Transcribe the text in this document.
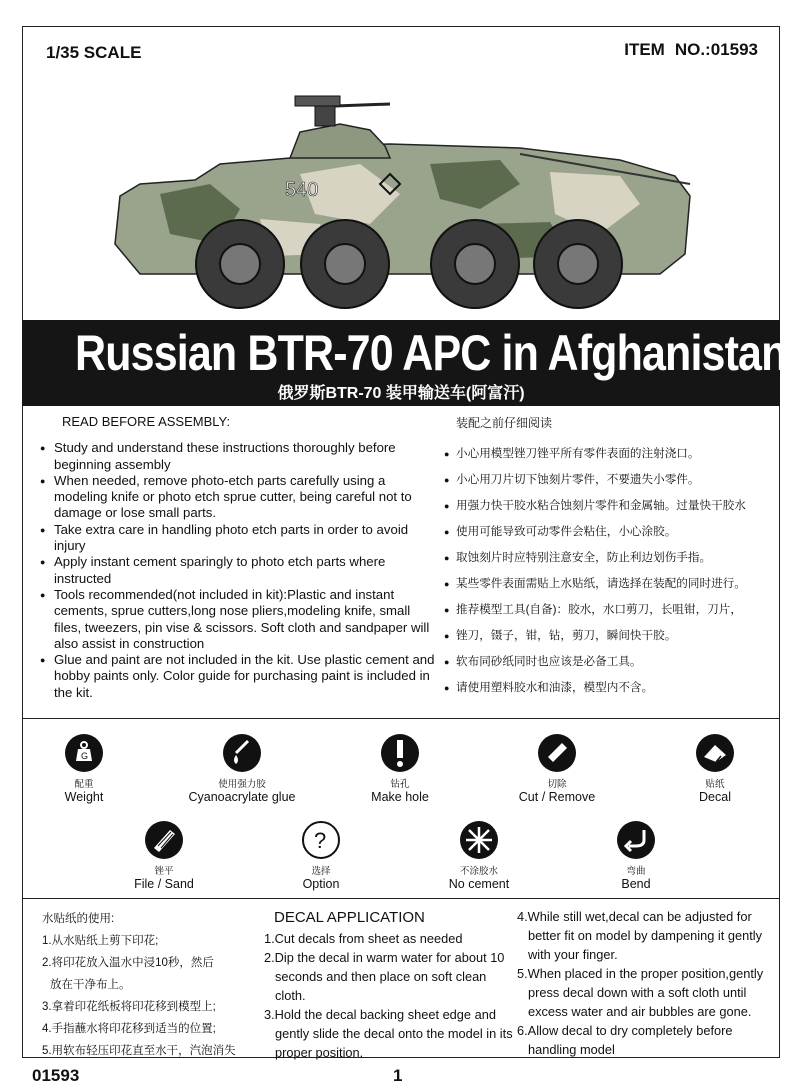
1/35 SCALE	ITEM NO.:01593
540
Russian BTR-70 APC in Afghanistan
俄罗斯BTR-70 装甲输送车(阿富汗)
READ BEFORE ASSEMBLY:
● Study and understand these instructions thoroughly before beginning assembly
● When needed, remove photo-etch parts carefully using a modeling knife or photo etch sprue cutter, being careful not to damage or lose small parts.
● Take extra care in handling photo etch parts in order to avoid injury
● Apply instant cement sparingly to photo etch parts where instructed
● Tools recommended(not included in kit):Plastic and instant cements, sprue cutters,long nose pliers,modeling knife, small files, tweezers, pin vise & scissors. Soft cloth and sandpaper will also assist in construction
● Glue and paint are not included in the kit. Use plastic cement and hobby paints only. Color guide for purchasing paint is included in the kit.
装配之前仔细阅读
● 小心用模型锉刀锉平所有零件表面的注射浇口。
● 小心用刀片切下蚀刻片零件，不要遗失小零件。
● 用强力快干胶水粘合蚀刻片零件和金属轴。过量快干胶水
● 使用可能导致可动零件会粘住，小心涂胶。
● 取蚀刻片时应特别注意安全，防止利边划伤手指。
● 某些零件表面需贴上水贴纸，请选择在装配的同时进行。
● 推荐模型工具(自备)：胶水，水口剪刀，长咀钳，刀片，
● 锉刀，镊子，钳，钻，剪刀，瞬间快干胶。
● 软布同砂纸同时也应该是必备工具。
● 请使用塑料胶水和油漆，模型内不含。
G
配重
Weight
使用强力胶
Cyanoacrylate glue
钻孔
Make hole
切除
Cut / Remove
贴纸
Decal
锉平
File / Sand
?
选择
Option
不涂胶水
No cement
弯曲
Bend
水贴纸的使用:
1.从水贴纸上剪下印花;
2.将印花放入温水中浸10秒，然后
放在干净布上。
3.拿着印花纸板将印花移到模型上;
4.手指蘸水将印花移到适当的位置;
5.用软布轻压印花直至水干，汽泡消失
DECAL APPLICATION
1.Cut decals from sheet as needed
2.Dip the decal in warm water for about 10
seconds and then place on soft clean cloth.
3.Hold the decal backing sheet edge and
gently slide the decal onto the model in its
proper position.
4.While still wet,decal can be adjusted for
better fit on model by dampening it gently
with your finger.
5.When placed in the proper position,gently
press decal down with a soft cloth until
excess water and air bubbles are gone.
6.Allow decal to dry completely before
handling model
01593	1
